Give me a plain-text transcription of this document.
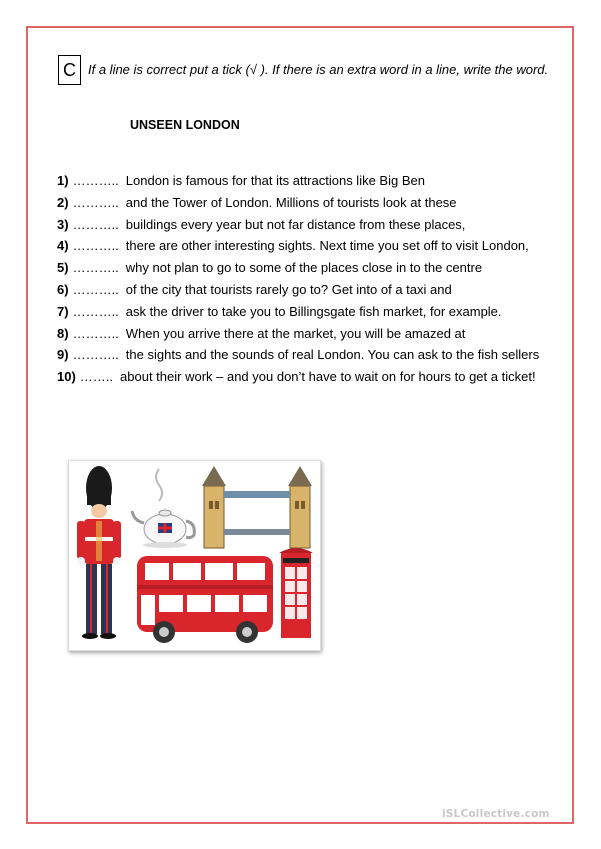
C If a line is correct put a tick (√ ). If there is an extra word in a line, write the word.
UNSEEN LONDON
1) ……….. London is famous for that its attractions like Big Ben
2) ……….. and the Tower of London. Millions of tourists look at these
3) ……….. buildings every year but not far distance from these places,
4) ……….. there are other interesting sights. Next time you set off to visit London,
5) ……….. why not plan to go to some of the places close in to the centre
6) ……….. of the city that tourists rarely go to? Get into of a taxi and
7) ……….. ask the driver to take you to Billingsgate fish market, for example.
8) ……….. When you arrive there at the market, you will be amazed at
9) ……….. the sights and the sounds of real London. You can ask to the fish sellers
10) …….. about their work – and you don’t have to wait on for hours to get a ticket!
iSLCollective.com
